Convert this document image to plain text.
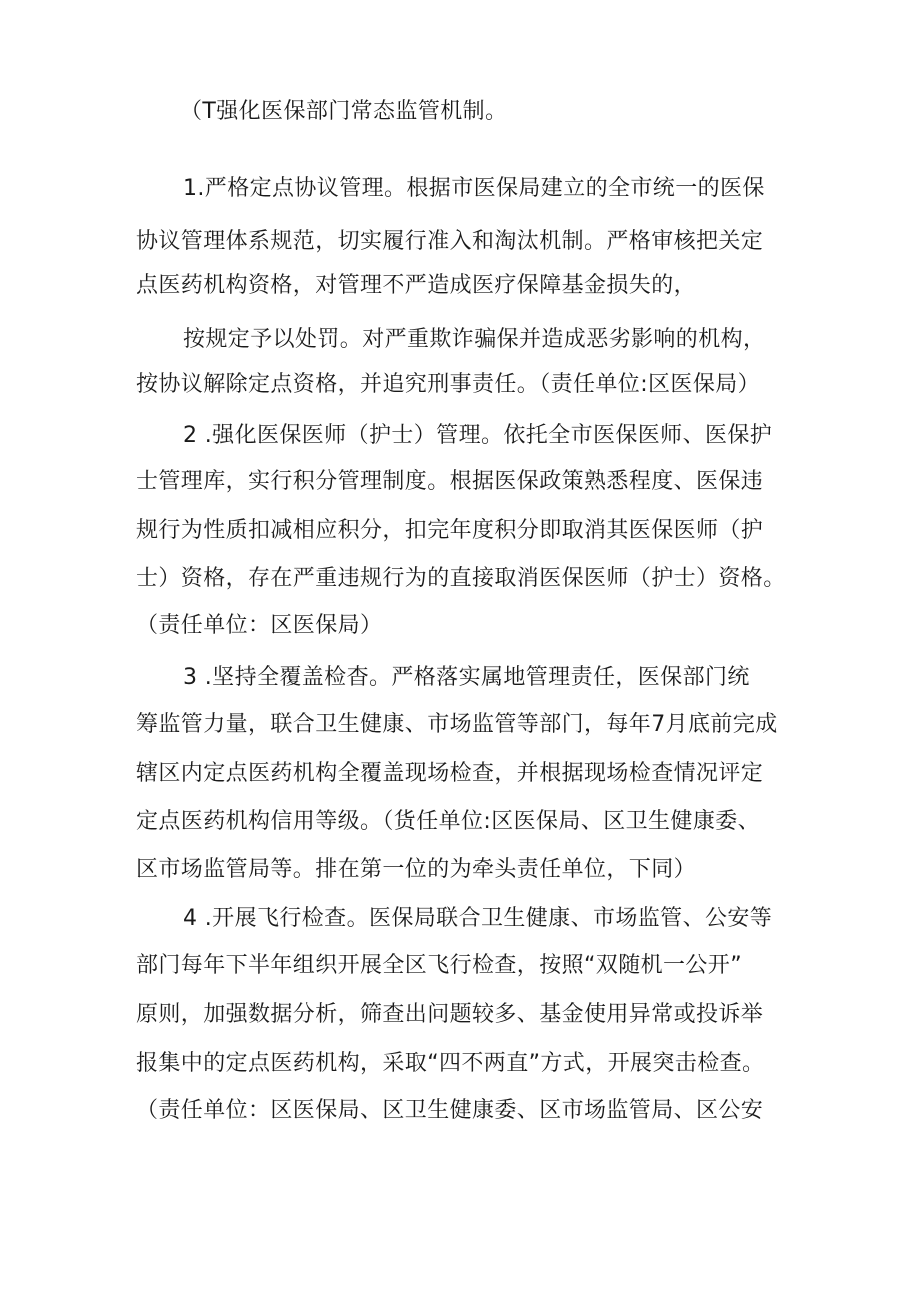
（T强化医保部门常态监管机制。
1.严格定点协议管理。根据市医保局建立的全市统一的医保
协议管理体系规范，切实履行准入和淘汰机制。严格审核把关定
点医药机构资格，对管理不严造成医疗保障基金损失的，
按规定予以处罚。对严重欺诈骗保并造成恶劣影响的机构，
按协议解除定点资格，并追究刑事责任。（责任单位:区医保局）
2 .强化医保医师（护士）管理。依托全市医保医师、医保护
士管理库，实行积分管理制度。根据医保政策熟悉程度、医保违
规行为性质扣减相应积分，扣完年度积分即取消其医保医师（护
士）资格，存在严重违规行为的直接取消医保医师（护士）资格。
（责任单位：区医保局）
3 .坚持全覆盖检杳。严格落实属地管理责任，医保部门统
筹监管力量，联合卫生健康、市场监管等部门，每年7月底前完成
辖区内定点医药机构全覆盖现场检查，并根据现场检查情况评定
定点医药机构信用等级。（货任单位:区医保局、区卫生健康委、
区市场监管局等。排在第一位的为牵头责任单位，下同）
4 .开展飞行检查。医保局联合卫生健康、市场监管、公安等
部门每年下半年组织开展全区飞行检查，按照“双随机一公开”
原则，加强数据分析，筛查出问题较多、基金使用异常或投诉举
报集中的定点医药机构，采取“四不两直”方式，开展突击检查。
（责任单位：区医保局、区卫生健康委、区市场监管局、区公安
